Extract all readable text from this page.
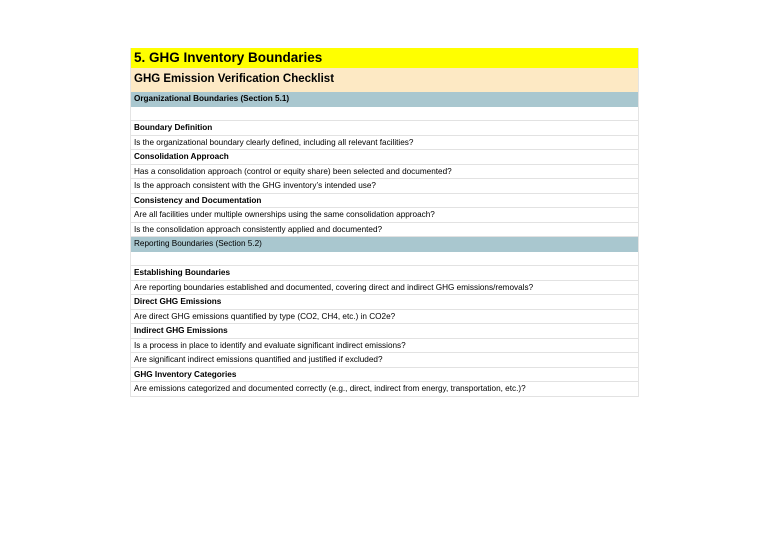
5. GHG Inventory Boundaries
GHG Emission Verification Checklist
Organizational Boundaries (Section 5.1)
Boundary Definition
Is the organizational boundary clearly defined, including all relevant facilities?
Consolidation Approach
Has a consolidation approach (control or equity share) been selected and documented?
Is the approach consistent with the GHG inventory’s intended use?
Consistency and Documentation
Are all facilities under multiple ownerships using the same consolidation approach?
Is the consolidation approach consistently applied and documented?
Reporting Boundaries (Section 5.2)
Establishing Boundaries
Are reporting boundaries established and documented, covering direct and indirect GHG emissions/removals?
Direct GHG Emissions
Are direct GHG emissions quantified by type (CO2, CH4, etc.) in CO2e?
Indirect GHG Emissions
Is a process in place to identify and evaluate significant indirect emissions?
Are significant indirect emissions quantified and justified if excluded?
GHG Inventory Categories
Are emissions categorized and documented correctly (e.g., direct, indirect from energy, transportation, etc.)?
